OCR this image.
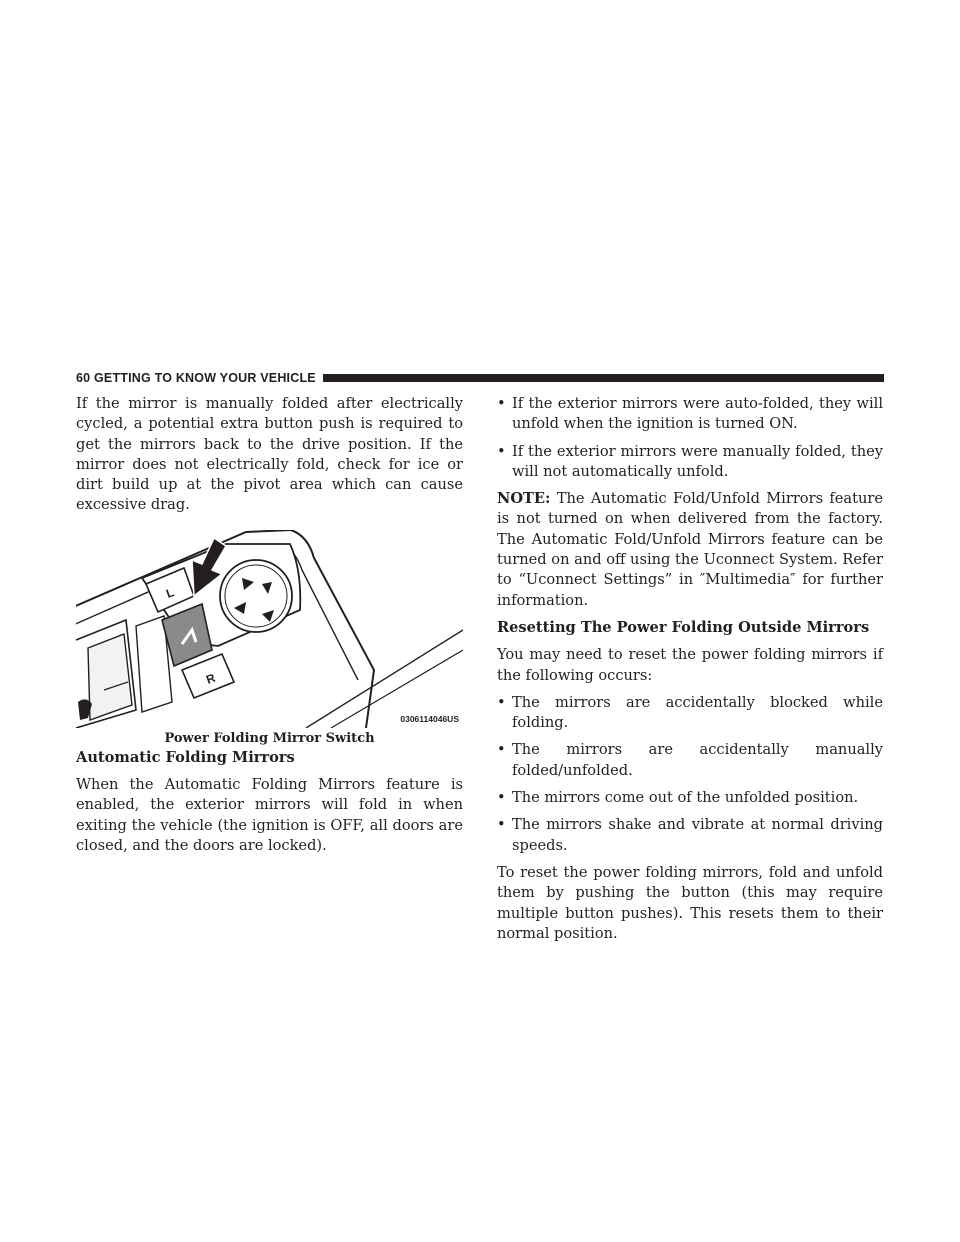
60 GETTING TO KNOW YOUR VEHICLE

If the mirror is manually folded after electrically cycled, a potential extra button push is required to get the mirrors back to the drive position. If the mirror does not electrically fold, check for ice or dirt build up at the pivot area which can cause excessive drag.

L
R
0306114046US
Power Folding Mirror Switch
Automatic Folding Mirrors

When the Automatic Folding Mirrors feature is enabled, the exterior mirrors will fold in when exiting the vehicle (the ignition is OFF, all doors are closed, and the doors are locked).

• If the exterior mirrors were auto-folded, they will unfold when the ignition is turned ON.
• If the exterior mirrors were manually folded, they will not automatically unfold.

NOTE: The Automatic Fold/Unfold Mirrors feature is not turned on when delivered from the factory. The Automatic Fold/Unfold Mirrors feature can be turned on and off using the Uconnect System. Refer to “Uconnect Settings” in ″Multimedia″ for further information.

Resetting The Power Folding Outside Mirrors

You may need to reset the power folding mirrors if the following occurs:

• The mirrors are accidentally blocked while folding.
• The mirrors are accidentally manually folded/unfolded.
• The mirrors come out of the unfolded position.
• The mirrors shake and vibrate at normal driving speeds.

To reset the power folding mirrors, fold and unfold them by pushing the button (this may require multiple button pushes). This resets them to their normal position.
